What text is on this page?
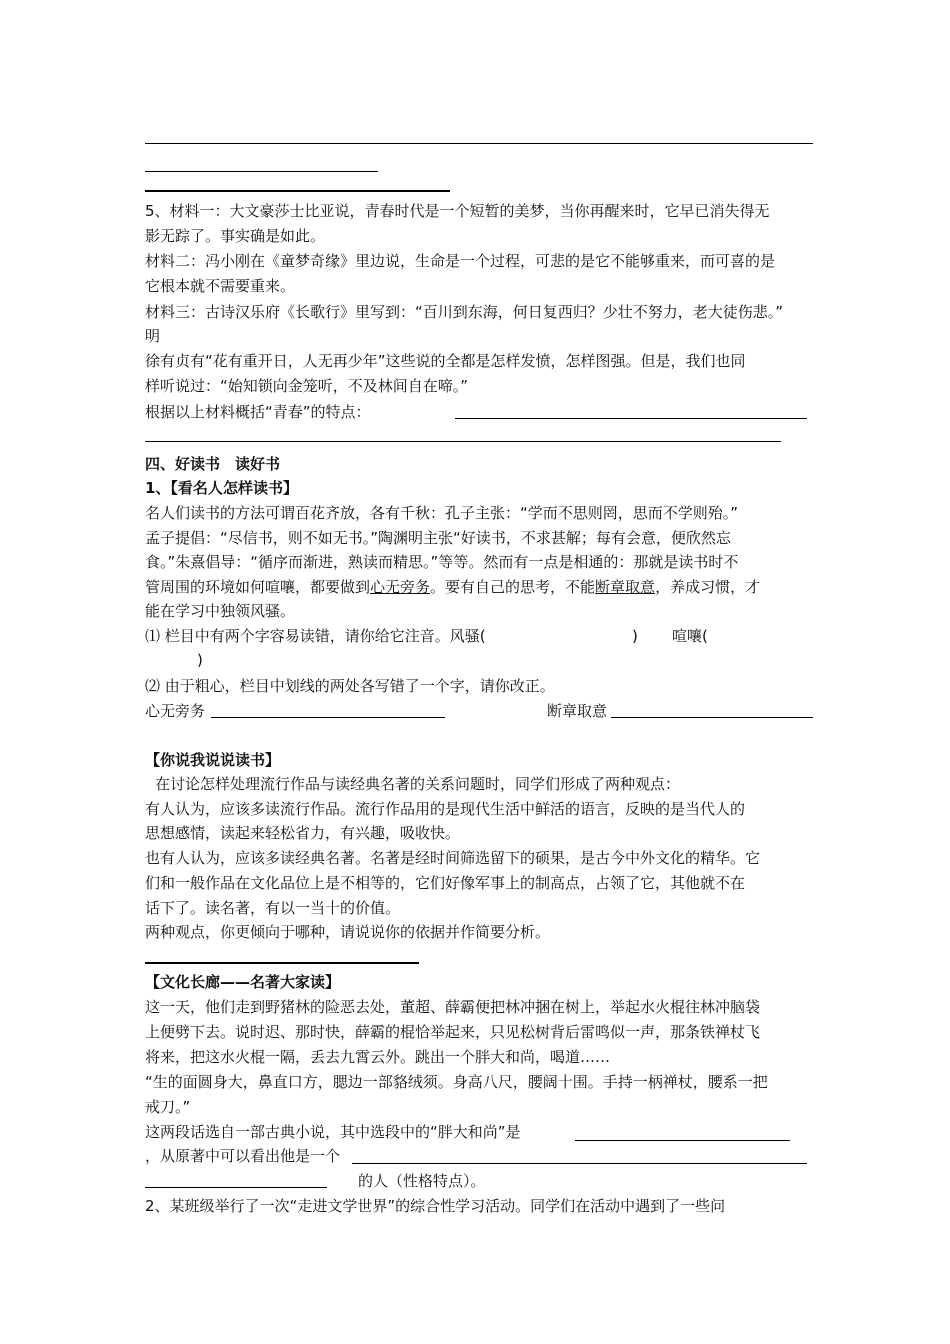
5、材料一：大文豪莎士比亚说，青春时代是一个短暂的美梦，当你再醒来时，它早已消失得无
影无踪了。事实确是如此。
材料二：冯小刚在《童梦奇缘》里边说，生命是一个过程，可悲的是它不能够重来，而可喜的是
它根本就不需要重来。
材料三：古诗汉乐府《长歌行》里写到：“百川到东海，何日复西归？少壮不努力，老大徒伤悲。”
明
徐有贞有“花有重开日，人无再少年”这些说的全都是怎样发愤，怎样图强。但是，我们也同
样听说过：“始知锁向金笼听，不及林间自在啼。”
根据以上材料概括“青春”的特点：
四、好读书　读好书
1、【看名人怎样读书】
名人们读书的方法可谓百花齐放，各有千秋：孔子主张：“学而不思则罔，思而不学则殆。”
孟子提倡：“尽信书，则不如无书。”陶渊明主张“好读书，不求甚解；每有会意，便欣然忘
食。”朱熹倡导：“循序而渐进，熟读而精思。”等等。然而有一点是相通的：那就是读书时不
管周围的环境如何喧嚷，都要做到心无旁务。要有自己的思考，不能断章取意，养成习惯，才
能在学习中独领风骚。
⑴ 栏目中有两个字容易读错，请你给它注音。风骚(	) 喧嚷(
)
⑵ 由于粗心，栏目中划线的两处各写错了一个字，请你改正。
心无旁务	断章取意
【你说我说说读书】
在讨论怎样处理流行作品与读经典名著的关系问题时，同学们形成了两种观点：
有人认为，应该多读流行作品。流行作品用的是现代生活中鲜活的语言，反映的是当代人的
思想感情，读起来轻松省力，有兴趣，吸收快。
也有人认为，应该多读经典名著。名著是经时间筛选留下的硕果，是古今中外文化的精华。它
们和一般作品在文化品位上是不相等的，它们好像军事上的制高点，占领了它，其他就不在
话下了。读名著，有以一当十的价值。
两种观点，你更倾向于哪种，请说说你的依据并作简要分析。
【文化长廊——名著大家读】
这一天，他们走到野猪林的险恶去处，董超、薛霸便把林冲捆在树上，举起水火棍往林冲脑袋
上便劈下去。说时迟、那时快，薛霸的棍恰举起来，只见松树背后雷鸣似一声，那条铁禅杖飞
将来，把这水火棍一隔，丢去九霄云外。跳出一个胖大和尚，喝道……
“生的面圆身大，鼻直口方，腮边一部貉绒须。身高八尺，腰阔十围。手持一柄禅杖，腰系一把
戒刀。”
这两段话选自一部古典小说，其中选段中的“胖大和尚”是
，从原著中可以看出他是一个
的人（性格特点）。
2、某班级举行了一次“走进文学世界”的综合性学习活动。同学们在活动中遇到了一些问
